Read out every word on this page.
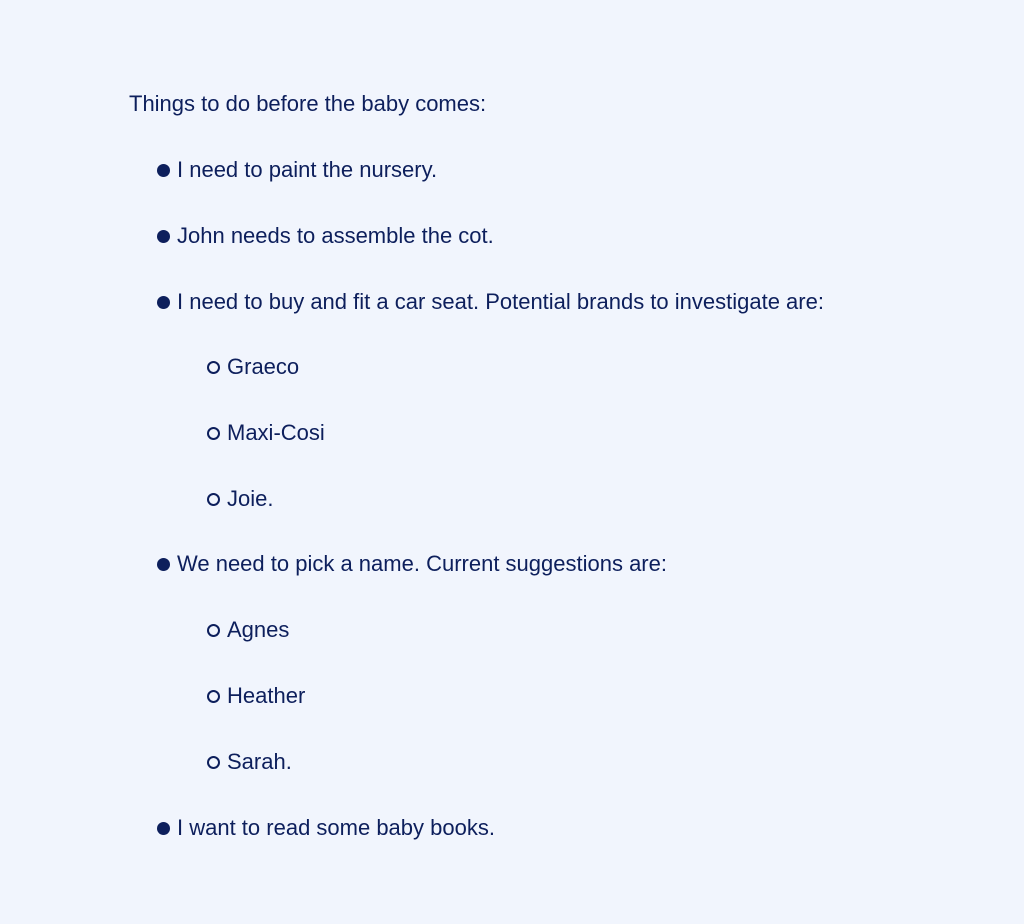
Things to do before the baby comes:
I need to paint the nursery.
John needs to assemble the cot.
I need to buy and fit a car seat. Potential brands to investigate are:
Graeco
Maxi-Cosi
Joie.
We need to pick a name. Current suggestions are:
Agnes
Heather
Sarah.
I want to read some baby books.
